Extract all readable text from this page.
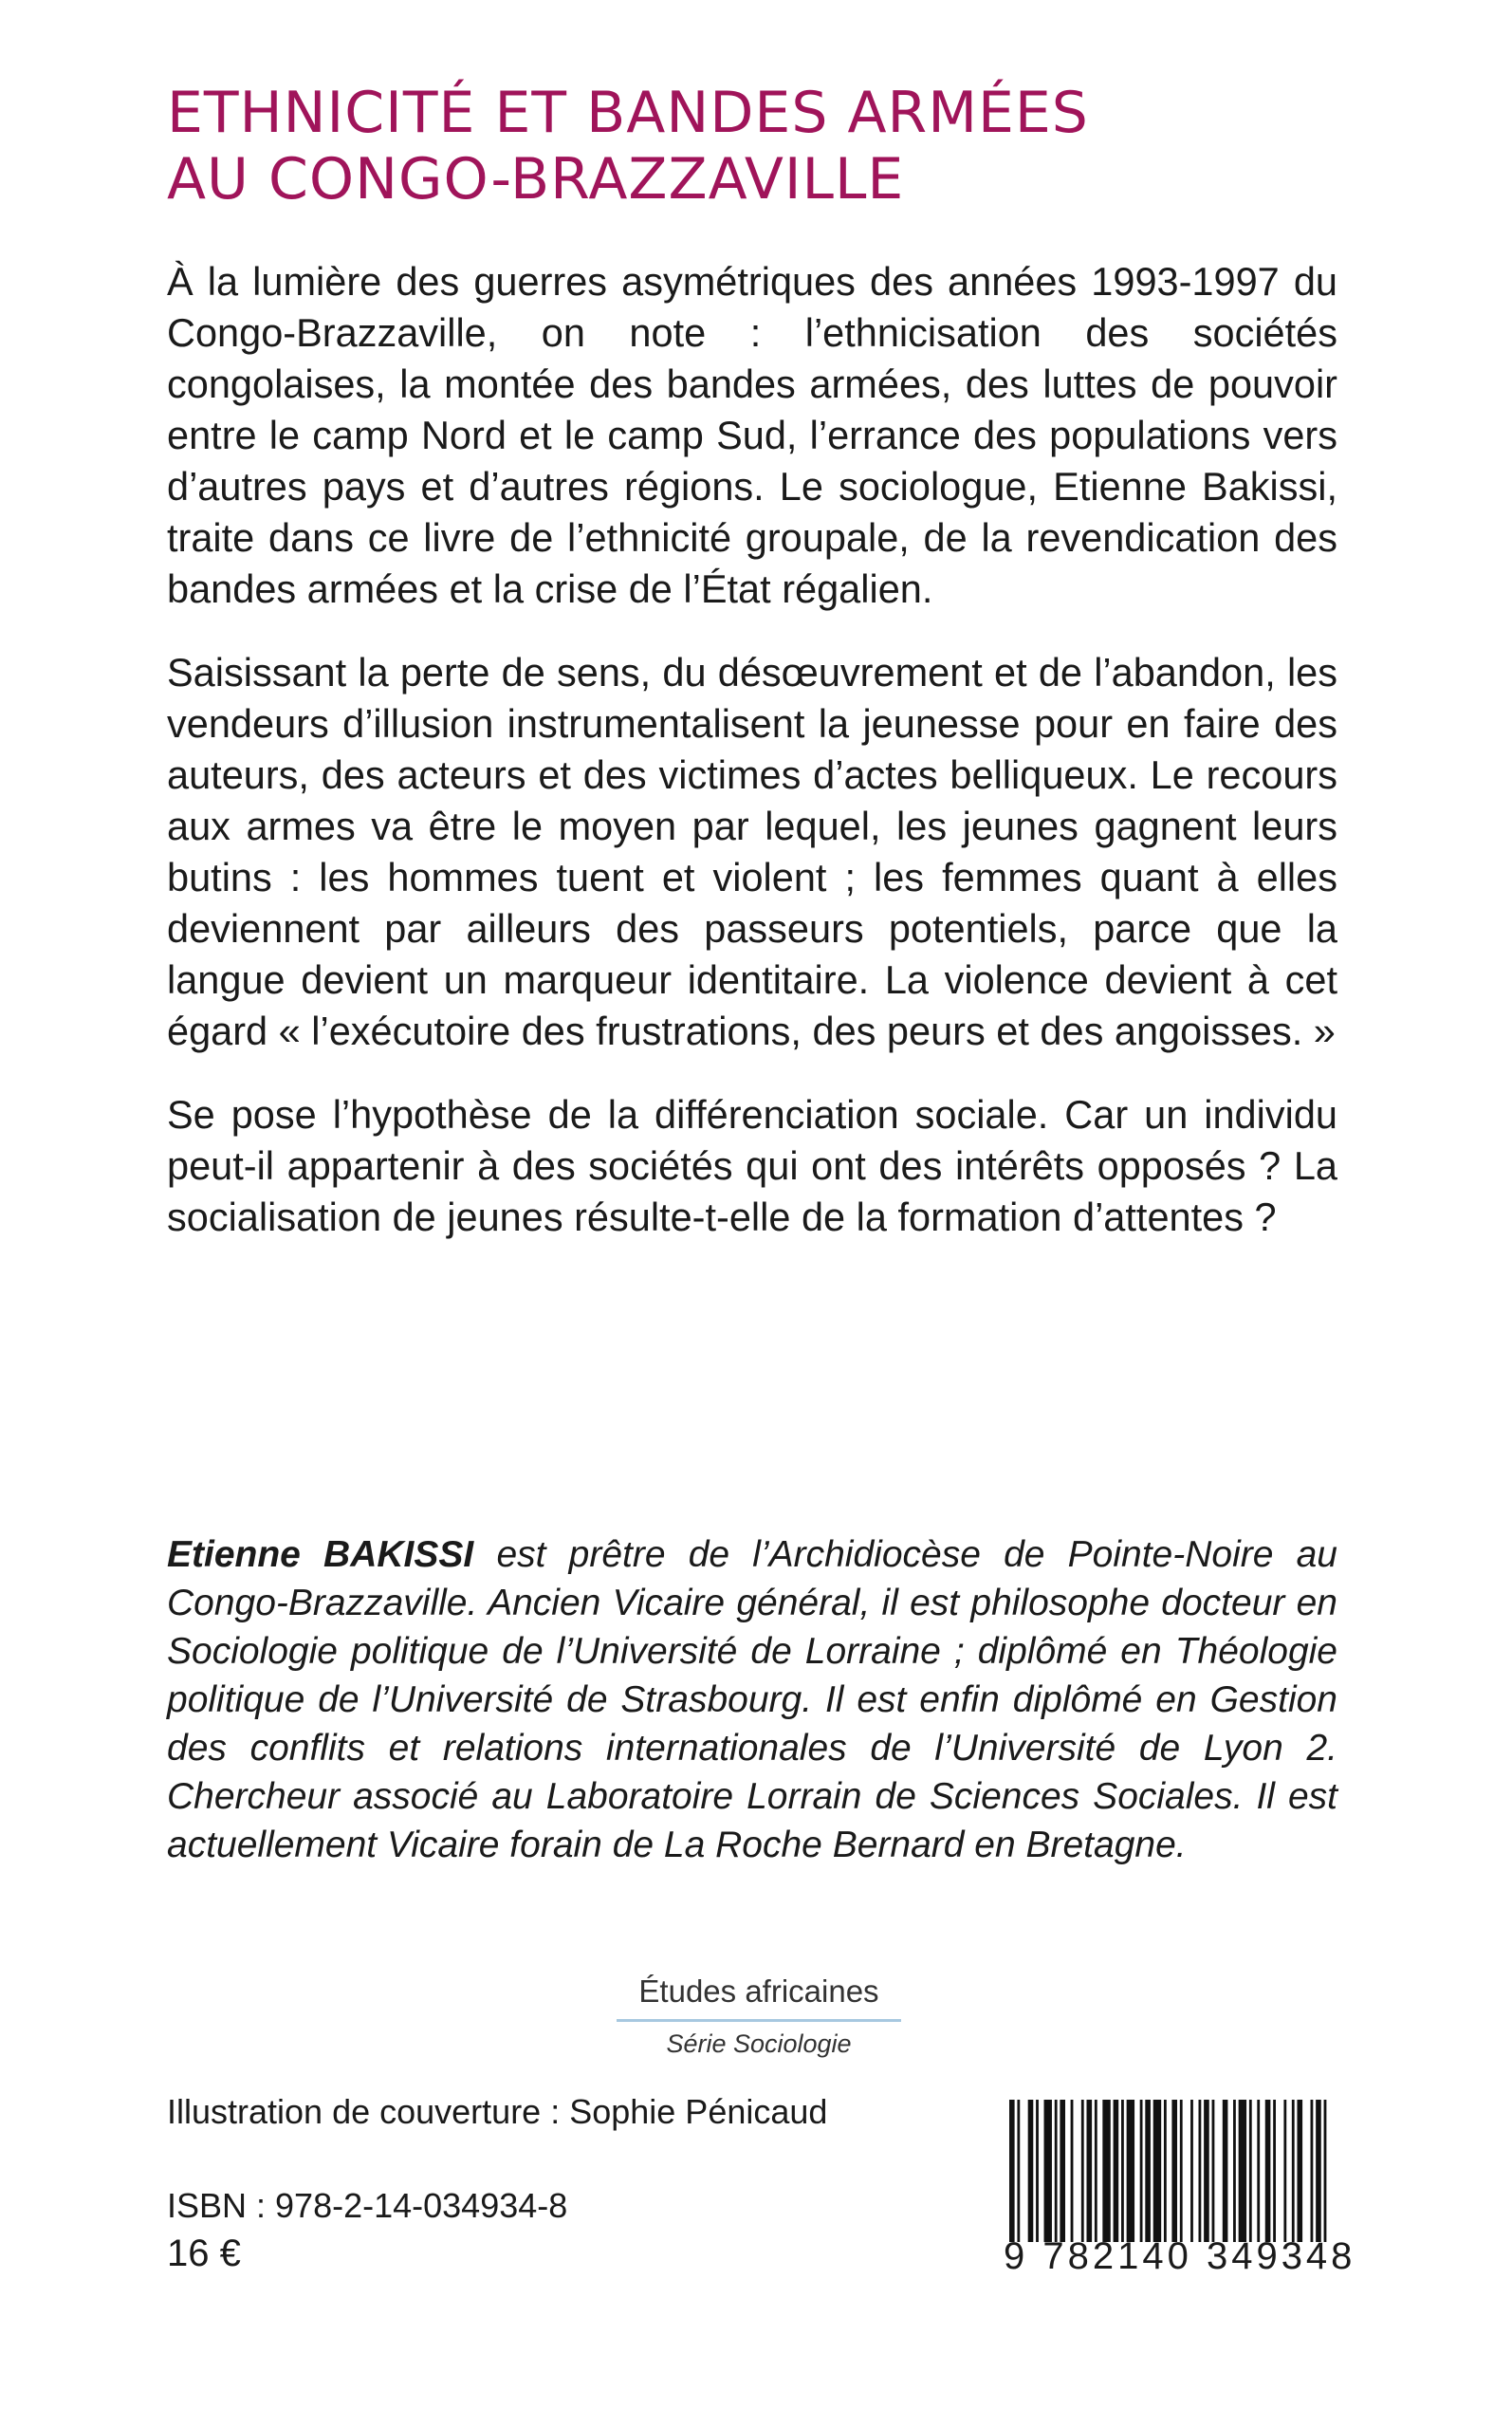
ETHNICITÉ ET BANDES ARMÉES
AU CONGO-BRAZZAVILLE

À la lumière des guerres asymétriques des années 1993-1997 du Congo-Brazzaville, on note : l’ethnicisation des sociétés congolaises, la montée des bandes armées, des luttes de pouvoir entre le camp Nord et le camp Sud, l’errance des populations vers d’autres pays et d’autres régions. Le sociologue, Etienne Bakissi, traite dans ce livre de l’ethnicité groupale, de la revendication des bandes armées et la crise de l’État régalien.

Saisissant la perte de sens, du désœuvrement et de l’abandon, les vendeurs d’illusion instrumentalisent la jeunesse pour en faire des auteurs, des acteurs et des victimes d’actes belliqueux. Le recours aux armes va être le moyen par lequel, les jeunes gagnent leurs butins : les hommes tuent et violent ; les femmes quant à elles deviennent par ailleurs des passeurs potentiels, parce que la langue devient un marqueur identitaire. La violence devient à cet égard « l’exécutoire des frustrations, des peurs et des angoisses. »

Se pose l’hypothèse de la différenciation sociale. Car un individu peut-il appartenir à des sociétés qui ont des intérêts opposés ? La socialisation de jeunes résulte-t-elle de la formation d’attentes ?

Etienne BAKISSI est prêtre de l’Archidiocèse de Pointe-Noire au Congo-Brazzaville. Ancien Vicaire général, il est philosophe docteur en Sociologie politique de l’Université de Lorraine ; diplômé en Théologie politique de l’Université de Strasbourg. Il est enfin diplômé en Gestion des conflits et relations internationales de l’Université de Lyon 2. Chercheur associé au Laboratoire Lorrain de Sciences Sociales. Il est actuellement Vicaire forain de La Roche Bernard en Bretagne.
Études africaines
Série Sociologie
Illustration de couverture : Sophie Pénicaud
ISBN : 978-2-14-034934-8
16 €	9 782140 349348
